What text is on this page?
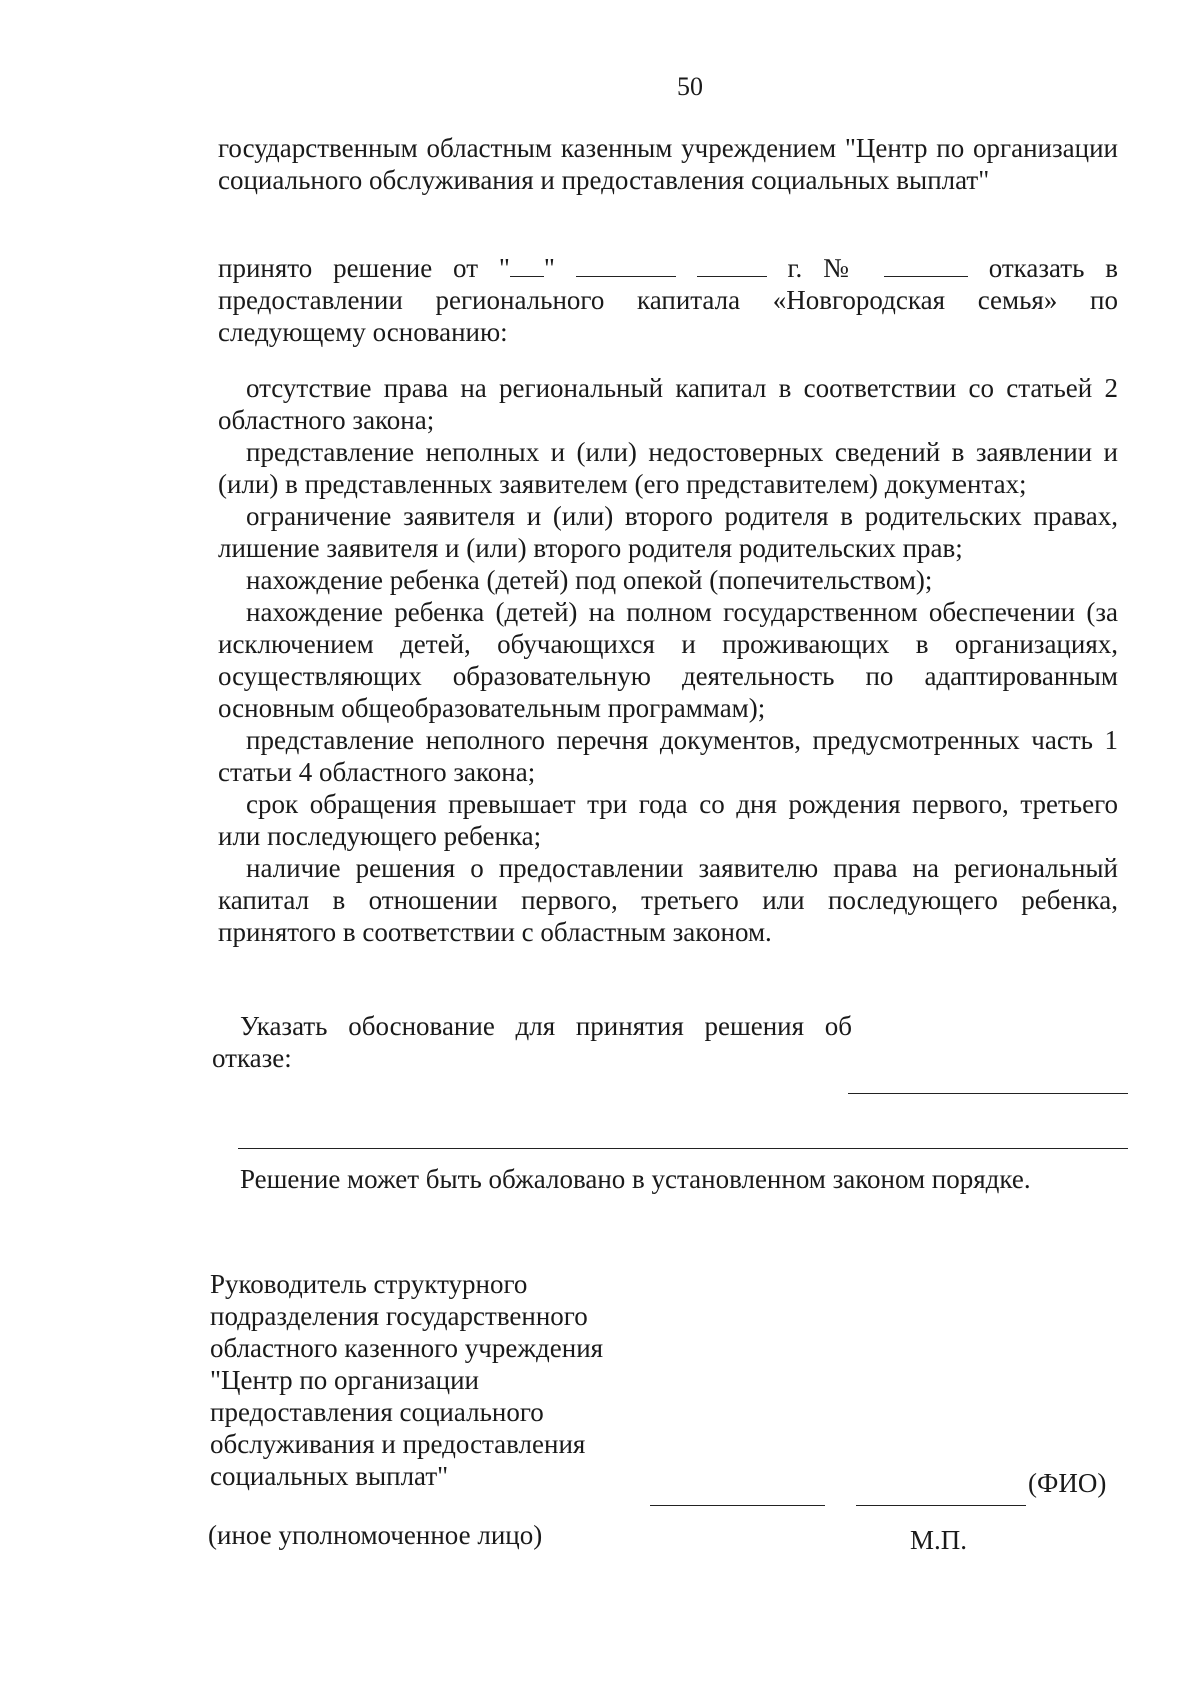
50

государственным областным казенным учреждением "Центр по организации социального обслуживания и предоставления социальных выплат"

принято решение от " "	г. №	отказать в предоставлении регионального капитала «Новгородская семья» по следующему основанию:

отсутствие права на региональный капитал в соответствии со статьей 2 областного закона;

представление неполных и (или) недостоверных сведений в заявлении и (или) в представленных заявителем (его представителем) документах;

ограничение заявителя и (или) второго родителя в родительских правах, лишение заявителя и (или) второго родителя родительских прав;

нахождение ребенка (детей) под опекой (попечительством);

нахождение ребенка (детей) на полном государственном обеспечении (за исключением детей, обучающихся и проживающих в организациях, осуществляющих образовательную деятельность по адаптированным основным общеобразовательным программам);

представление неполного перечня документов, предусмотренных часть 1 статьи 4 областного закона;

срок обращения превышает три года со дня рождения первого, третьего или последующего ребенка;

наличие решения о предоставлении заявителю права на региональный капитал в отношении первого, третьего или последующего ребенка, принятого в соответствии с областным законом.

Указать обоснование для принятия решения об отказе:

Решение может быть обжаловано в установленном законом порядке.
Руководитель структурного
подразделения государственного
областного казенного учреждения
"Центр по организации
предоставления социального
обслуживания и предоставления
социальных выплат"	(ФИО)
(иное уполномоченное лицо)	М.П.
